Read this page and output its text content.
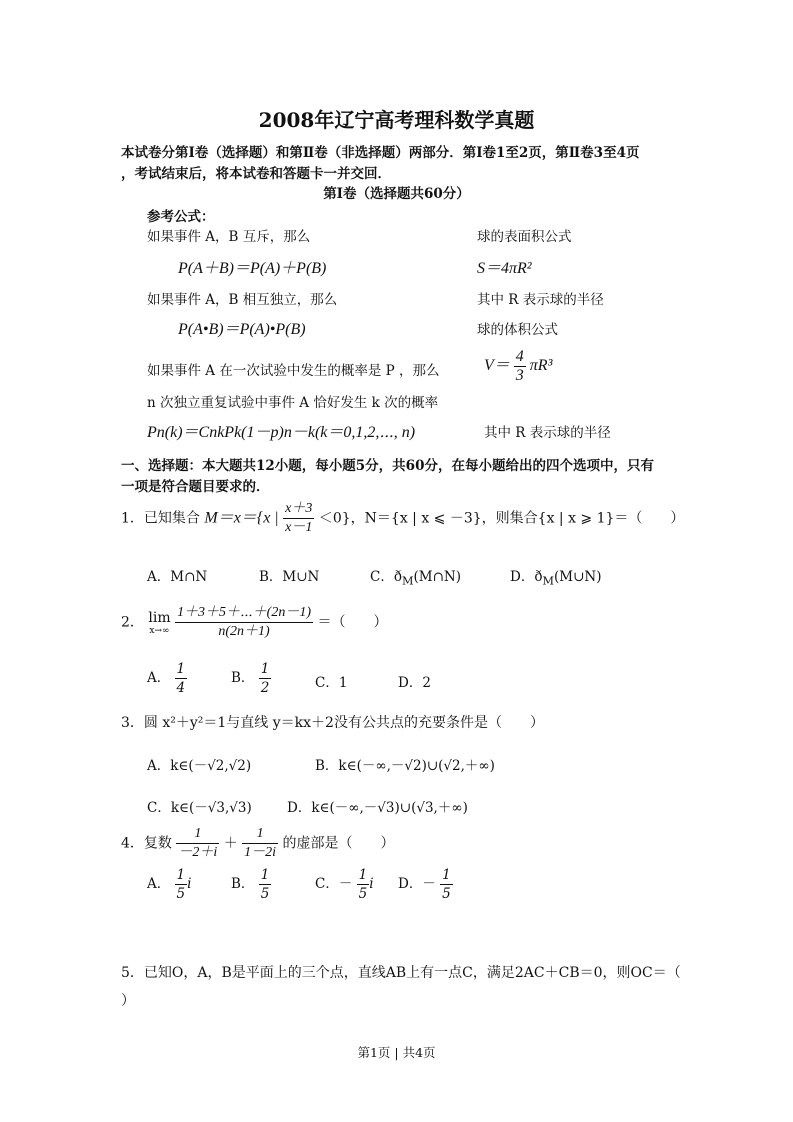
2008年辽宁高考理科数学真题
本试卷分第Ⅰ卷（选择题）和第Ⅱ卷（非选择题）两部分．第Ⅰ卷1至2页，第Ⅱ卷3至4页
，考试结束后，将本试卷和答题卡一并交回．
第Ⅰ卷（选择题共60分）
参考公式：
如果事件 A，B 互斥，那么
P(A＋B)＝P(A)＋P(B)
如果事件 A，B 相互独立，那么
P(A•B)＝P(A)•P(B)
如果事件 A 在一次试验中发生的概率是 P ，那么
n 次独立重复试验中事件 A 恰好发生 k 次的概率
Pn(k)＝CnkPk(1－p)n－k(k＝0,1,2,⋯, n)
球的表面积公式
S＝4πR²
其中 R 表示球的半径
球的体积公式
$V= \frac{4}{3} \pi R^3$
其中 R 表示球的半径
一、选择题：本大题共12小题，每小题5分，共60分，在每小题给出的四个选项中，只有
一项是符合题目要求的．
1．已知集合 M＝x＝{x | $\frac{x+3}{x-1} <0$}，N＝{x | x ⩽ －3}，则集合{x | x ⩾ 1}＝（　　）
A．M∩N	B．M∪N	C．$ð_M(M\cap N)$	D．$ð_M(M\cup N)$
2． lim
x→∞
$\frac{1+3+5+\cdots+(2n-1)}{n(2n+1)}$ ＝（　　）
A． $\frac{1}{4}$	B． $\frac{1}{2}$	C．1	D．2
3．圆 x²＋y²＝1与直线 y＝kx＋2没有公共点的充要条件是（　　）
A．k∈(－√2,√2)	B．k∈(－∞,－√2)∪(√2,＋∞)
C．k∈(－√3,√3)	D．k∈(－∞,－√3)∪(√3,＋∞)
4．复数 $\frac{1}{-2+i} + \frac{1}{1-2i}$ 的虚部是（　　）
A． $\frac{1}{5}$ i	B． $\frac{1}{5}$	C．－ $\frac{1}{5}$ i D．－ $\frac{1}{5}$
5．已知O，A，B是平面上的三个点，直线AB上有一点C，满足2AC＋CB＝0，则OC＝（
）
第1页 | 共4页
